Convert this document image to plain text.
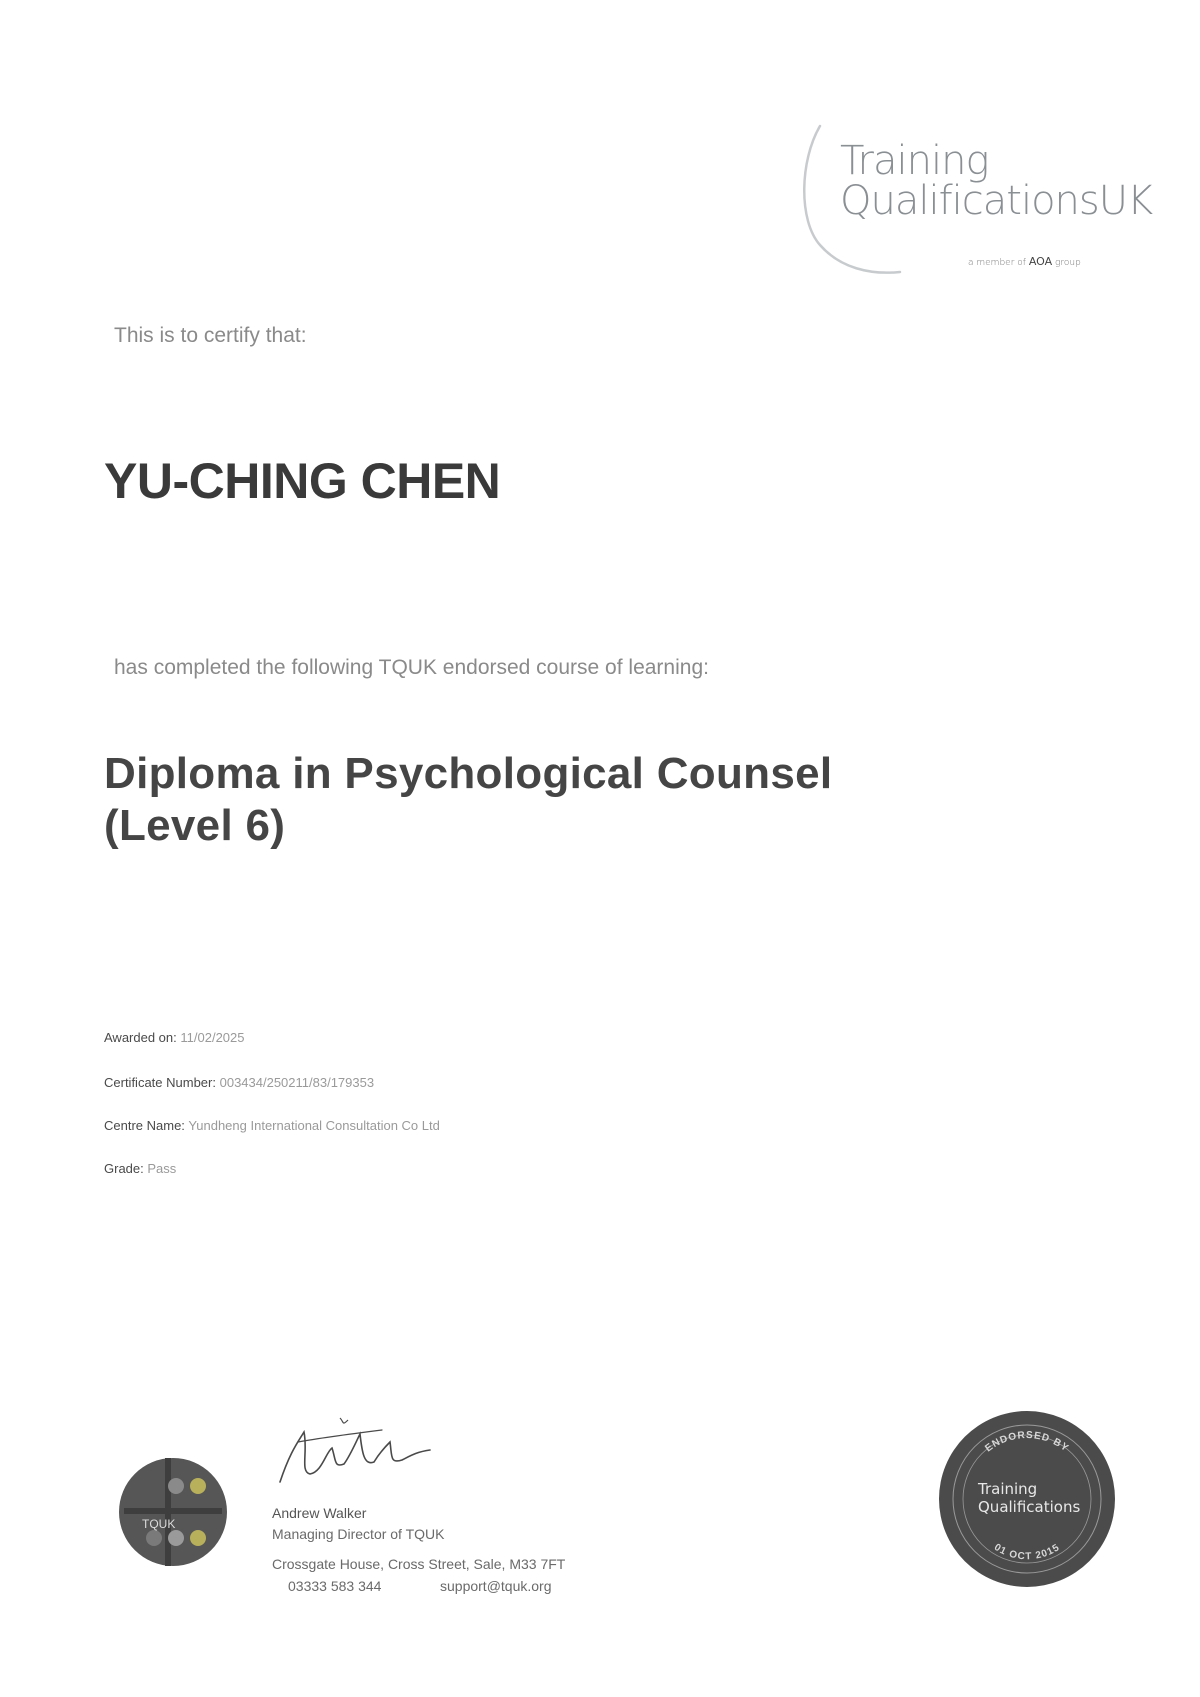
Training
QualificationsUK
a member of AOA group
This is to certify that:
YU-CHING CHEN
has completed the following TQUK endorsed course of learning:
Diploma in Psychological Counsel
(Level 6)
Awarded on: 11/02/2025
Certificate Number: 003434/250211/83/179353
Centre Name: Yundheng International Consultation Co Ltd
Grade: Pass
TQUK
Andrew Walker
Managing Director of TQUK
Crossgate House, Cross Street, Sale, M33 7FT
03333 583 344	support@tquk.org
ENDORSED BY
01 OCT 2015
Training
Qualifications
